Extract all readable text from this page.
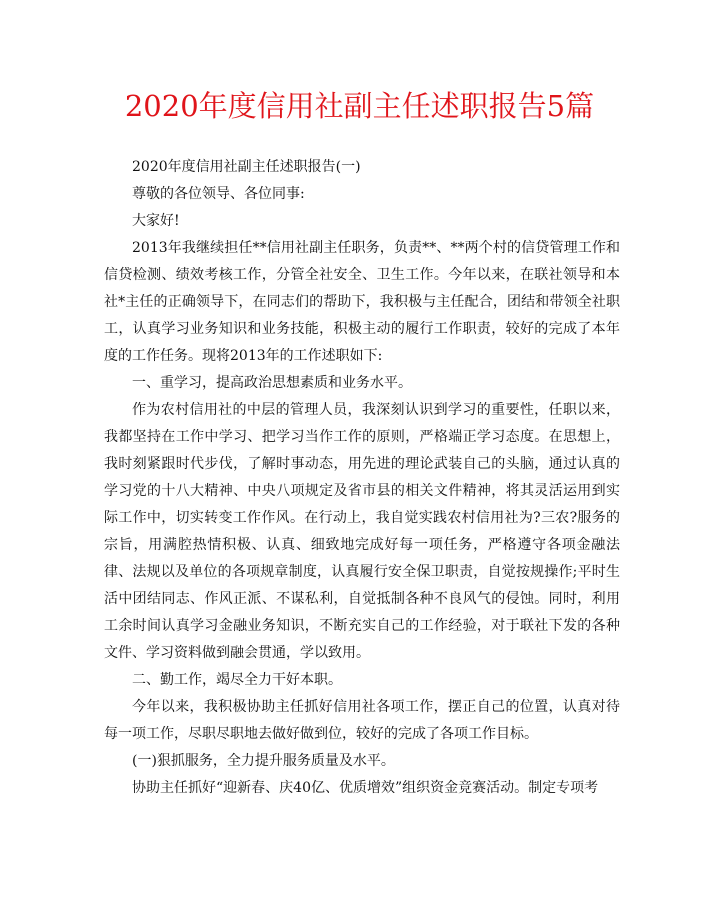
2020年度信用社副主任述职报告5篇

2020年度信用社副主任述职报告(一)

尊敬的各位领导、各位同事:

大家好!

2013年我继续担任**信用社副主任职务，负责**、**两个村的信贷管理工作和信贷检测、绩效考核工作，分管全社安全、卫生工作。今年以来，在联社领导和本社*主任的正确领导下，在同志们的帮助下，我积极与主任配合，团结和带领全社职工，认真学习业务知识和业务技能，积极主动的履行工作职责，较好的完成了本年度的工作任务。现将2013年的工作述职如下:

一、重学习，提高政治思想素质和业务水平。

作为农村信用社的中层的管理人员，我深刻认识到学习的重要性，任职以来，我都坚持在工作中学习、把学习当作工作的原则，严格端正学习态度。在思想上，我时刻紧跟时代步伐，了解时事动态，用先进的理论武装自己的头脑，通过认真的学习党的十八大精神、中央八项规定及省市县的相关文件精神，将其灵活运用到实际工作中，切实转变工作作风。在行动上，我自觉实践农村信用社为?三农?服务的宗旨，用满腔热情积极、认真、细致地完成好每一项任务，严格遵守各项金融法律、法规以及单位的各项规章制度，认真履行安全保卫职责，自觉按规操作;平时生活中团结同志、作风正派、不谋私利，自觉抵制各种不良风气的侵蚀。同时，利用工余时间认真学习金融业务知识，不断充实自己的工作经验，对于联社下发的各种文件、学习资料做到融会贯通，学以致用。

二、勤工作，竭尽全力干好本职。

今年以来，我积极协助主任抓好信用社各项工作，摆正自己的位置，认真对待每一项工作，尽职尽职地去做好做到位，较好的完成了各项工作目标。

(一)狠抓服务，全力提升服务质量及水平。

协助主任抓好“迎新春、庆40亿、优质增效”组织资金竞赛活动。制定专项考
